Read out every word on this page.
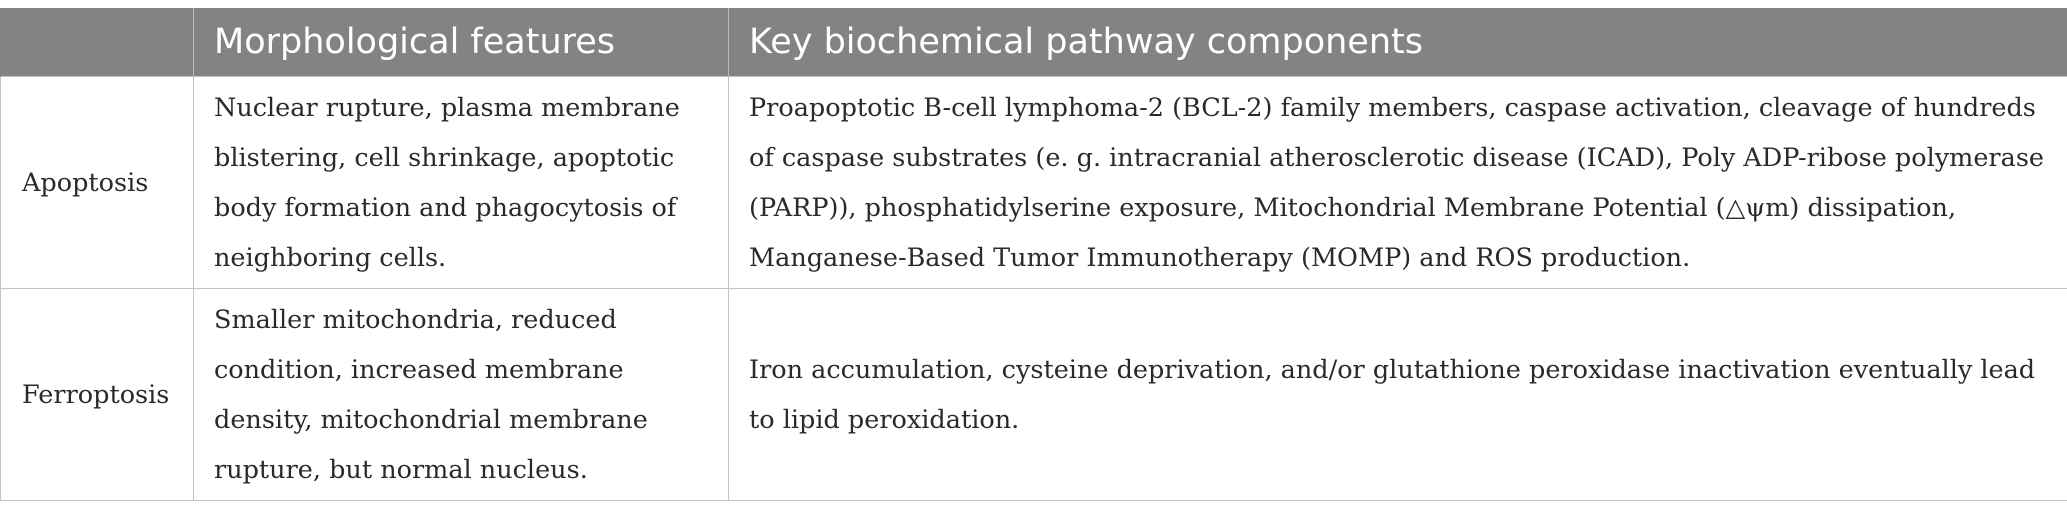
	Morphological features	Key biochemical pathway components
Apoptosis	Nuclear rupture, plasma membrane blistering, cell shrinkage, apoptotic body formation and phagocytosis of neighboring cells.	Proapoptotic B-cell lymphoma-2 (BCL-2) family members, caspase activation, cleavage of hundreds of caspase substrates (e. g. intracranial atherosclerotic disease (ICAD), Poly ADP-ribose polymerase (PARP)), phosphatidylserine exposure, Mitochondrial Membrane Potential (△ψm) dissipation, Manganese-Based Tumor Immunotherapy (MOMP) and ROS production.

Ferroptosis	Smaller mitochondria, reduced condition, increased membrane density, mitochondrial membrane rupture, but normal nucleus.	Iron accumulation, cysteine deprivation, and/or glutathione peroxidase inactivation eventually lead to lipid peroxidation.
